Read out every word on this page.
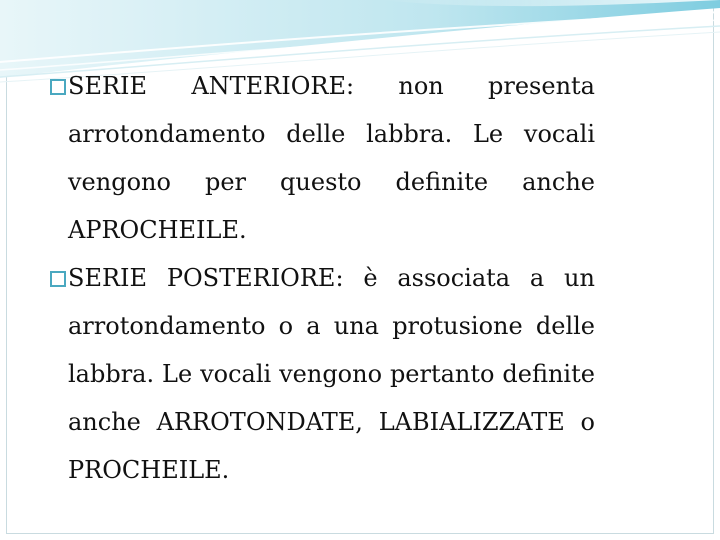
SERIE ANTERIORE: non presenta
arrotondamento delle labbra. Le vocali
vengono per questo definite anche
APROCHEILE.
SERIE POSTERIORE: è associata a un
arrotondamento o a una protusione delle
labbra. Le vocali vengono pertanto definite
anche ARROTONDATE, LABIALIZZATE o
PROCHEILE.
